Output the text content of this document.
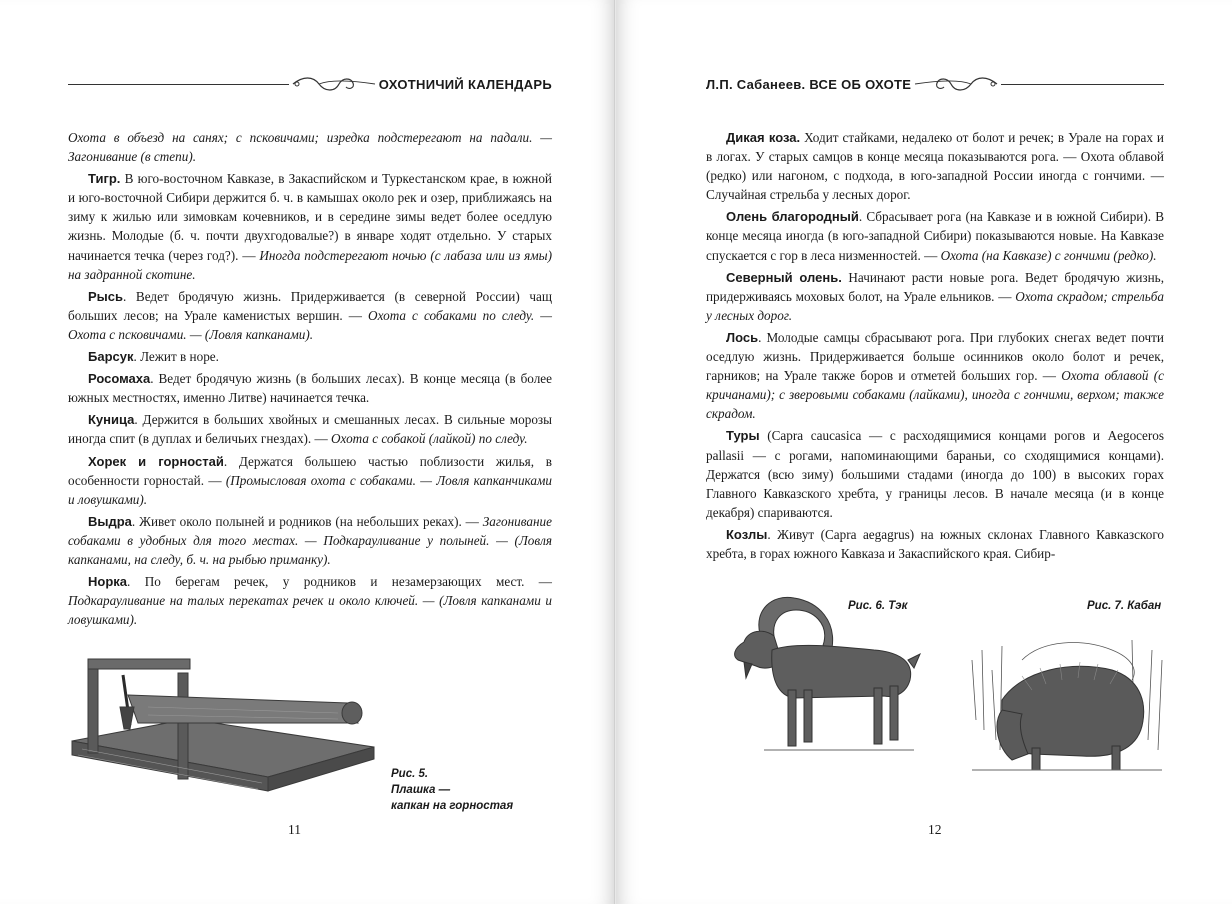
ОХОТНИЧИЙ КАЛЕНДАРЬ

Охота в объезд на санях; с псковичами; изредка подстерегают на падали. — Загонивание (в степи).

Тигр. В юго-восточном Кавказе, в Закаспийском и Туркестанском крае, в южной и юго-восточной Сибири держится б. ч. в камышах около рек и озер, приближаясь на зиму к жилью или зимовкам кочевников, и в середине зимы ведет более оседлую жизнь. Молодые (б. ч. почти двухгодовалые?) в январе ходят отдельно. У старых начинается течка (через год?). — Иногда подстерегают ночью (с лабаза или из ямы) на задранной скотине.

Рысь. Ведет бродячую жизнь. Придерживается (в северной России) чащ больших лесов; на Урале каменистых вершин. — Охота с собаками по следу. — Охота с псковичами. — (Ловля капканами).

Барсук. Лежит в норе.

Росомаха. Ведет бродячую жизнь (в больших лесах). В конце месяца (в более южных местностях, именно Литве) начинается течка.

Куница. Держится в больших хвойных и смешанных лесах. В сильные морозы иногда спит (в дуплах и беличьих гнездах). — Охота с собакой (лайкой) по следу.

Хорек и горностай. Держатся большею частью поблизости жилья, в особенности горностай. — (Промысловая охота с собаками. — Ловля капканчиками и ловушками).

Выдра. Живет около полыней и родников (на небольших реках). — Загонивание собаками в удобных для того местах. — Подкарауливание у полыней. — (Ловля капканами, на следу, б. ч. на рыбью приманку).

Норка. По берегам речек, у родников и незамерзающих мест. — Подкарауливание на талых перекатах речек и около ключей. — (Ловля капканами и ловушками).

Рис. 5.
Плашка —
капкан на горностая
11
Л.П. Сабанеев. ВСЕ ОБ ОХОТЕ

Дикая коза. Ходит стайками, недалеко от болот и речек; в Урале на горах и в логах. У старых самцов в конце месяца показываются рога. — Охота облавой (редко) или нагоном, с подхода, в юго-западной России иногда с гончими. — Случайная стрельба у лесных дорог.

Олень благородный. Сбрасывает рога (на Кавказе и в южной Сибири). В конце месяца иногда (в юго-западной Сибири) показываются новые. На Кавказе спускается с гор в леса низменностей. — Охота (на Кавказе) с гончими (редко).

Северный олень. Начинают расти новые рога. Ведет бродячую жизнь, придерживаясь моховых болот, на Урале ельников. — Охота скрадом; стрельба у лесных дорог.

Лось. Молодые самцы сбрасывают рога. При глубоких снегах ведет почти оседлую жизнь. Придерживается больше осинников около болот и речек, гарников; на Урале также боров и отметей больших гор. — Охота облавой (с кричанами); с зверовыми собаками (лайками), иногда с гончими, верхом; также скрадом.

Туры (Capra caucasica — с расходящимися концами рогов и Aegoceros pallasii — с рогами, напоминающими бараньи, со сходящимися концами). Держатся (всю зиму) большими стадами (иногда до 100) в высоких горах Главного Кавказского хребта, у границы лесов. В начале месяца (и в конце декабря) спариваются.

Козлы. Живут (Capra aegagrus) на южных склонах Главного Кавказского хребта, в горах южного Кавказа и Закаспийского края. Сибир-

Рис. 6. Тэк	Рис. 7. Кабан
12
